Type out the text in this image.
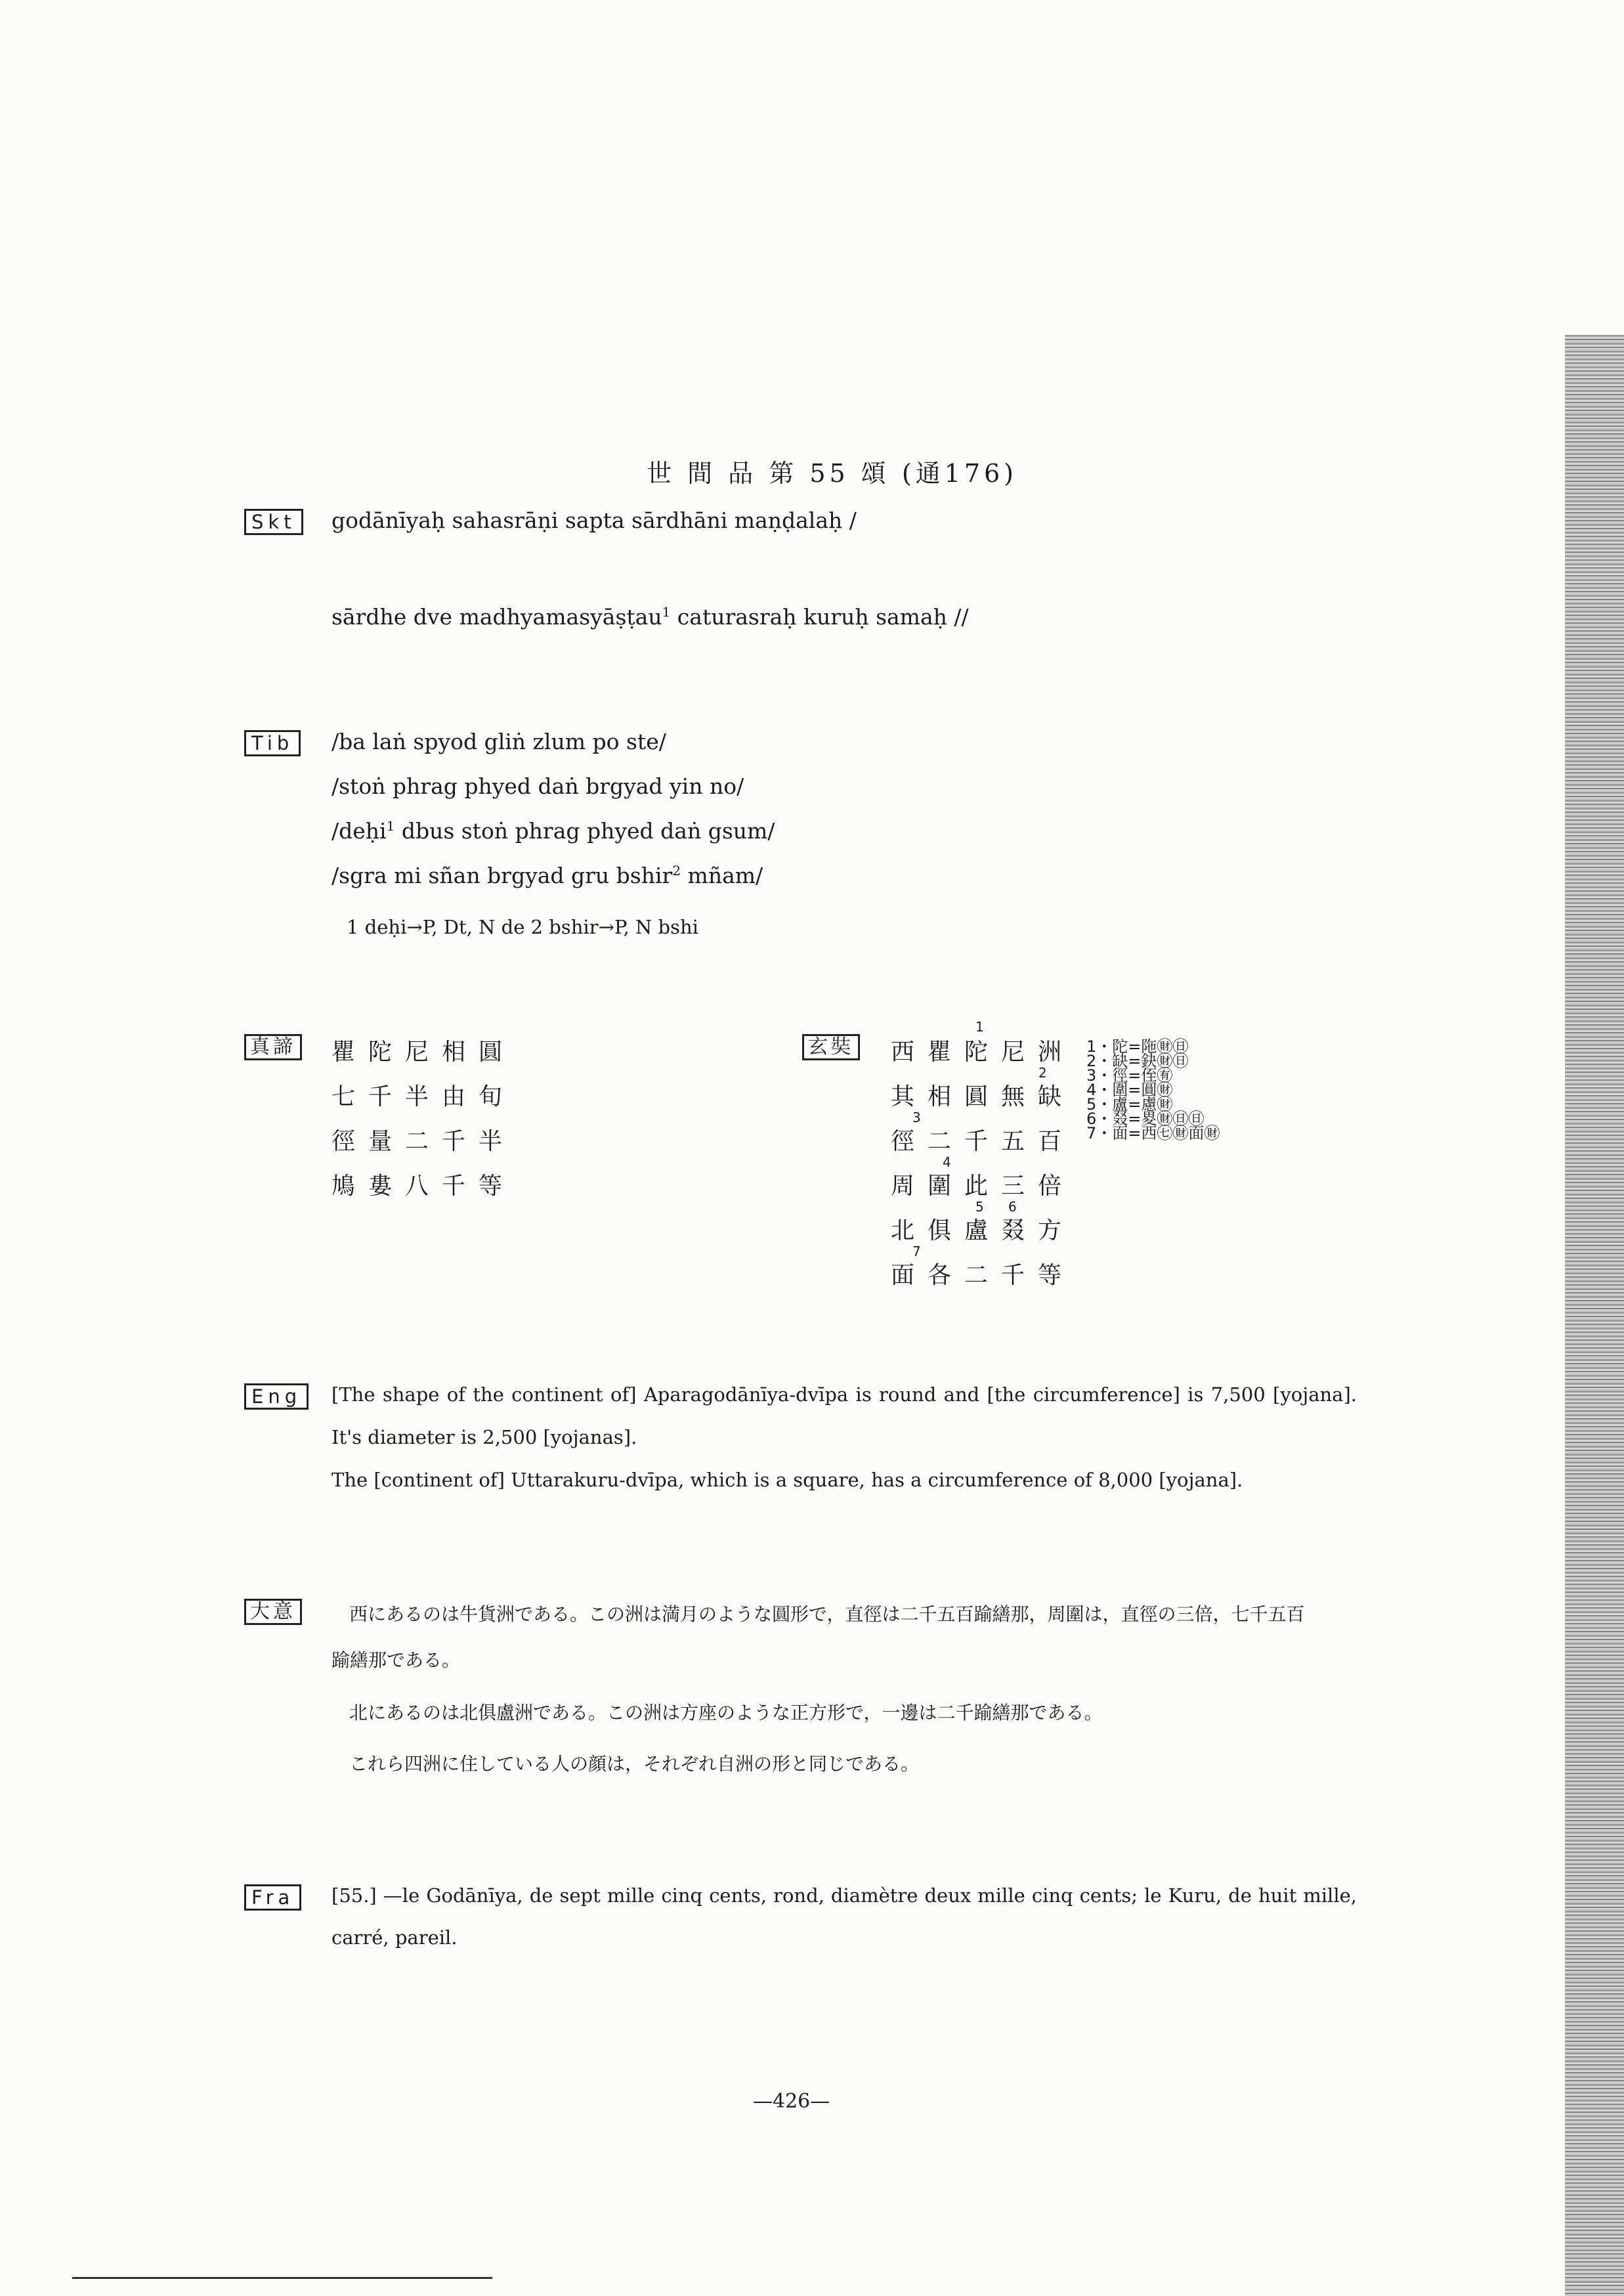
世 間 品 第 55 頌 (通176)
Skt	godānīyaḥ sahasrāṇi sapta sārdhāni maṇḍalaḥ /
sārdhe dve madhyamasyāṣṭau$^1$ caturasraḥ kuruḥ samaḥ //
Tib	/ba laṅ spyod gliṅ zlum po ste/
/stoṅ phrag phyed daṅ brgyad yin no/
/deḥi$^1$ dbus stoṅ phrag phyed daṅ gsum/
/sgra mi sñan brgyad gru bshir$^2$ mñam/
1 deḥi→P, Dt, N de 2 bshir→P, N bshi
真諦 瞿陀尼相圓
七千半由旬
徑量二千半
鳩婁八千等
玄奘 西瞿陀尼洲
其相圓無缺
徑二千五百
周圍此三倍
北俱盧叕方
面各二千等
1
2
3
4
5 6
7
1・陀=陁㊖㊐
2・缺=鈌㊖㊐
3・徑=侄㊒
4・圍=圓㊖
5・盧=慮㊖
6・叕=畟㊖㊐㊐
7・面=西㊆㊖面㊖
Eng	[The shape of the continent of] Aparagodānīya-dvīpa is round and [the circumference] is 7,500 [yojana].
It's diameter is 2,500 [yojanas].
The [continent of] Uttarakuru-dvīpa, which is a square, has a circumference of 8,000 [yojana].
大意	西にあるのは牛貨洲である。この洲は満月のような圓形で，直徑は二千五百踰繕那，周圍は，直徑の三倍，七千五百
踰繕那である。
北にあるのは北俱盧洲である。この洲は方座のような正方形で，一邊は二千踰繕那である。
これら四洲に住している人の顔は，それぞれ自洲の形と同じである。
Fra	[55.] —le Godānīya, de sept mille cinq cents, rond, diamètre deux mille cinq cents; le Kuru, de huit mille,
carré, pareil.
—426—
